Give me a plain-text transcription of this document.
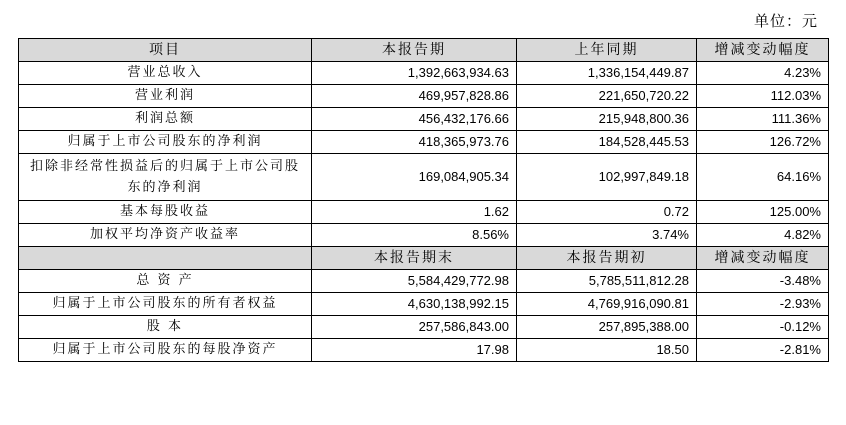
单位：元
项目	本报告期	上年同期	增减变动幅度
营业总收入	1,392,663,934.63	1,336,154,449.87	4.23%
营业利润	469,957,828.86	221,650,720.22	112.03%
利润总额	456,432,176.66	215,948,800.36	111.36%
归属于上市公司股东的净利润	418,365,973.76	184,528,445.53	126.72%
扣除非经常性损益后的归属于上市公司股东的净利润	169,084,905.34	102,997,849.18	64.16%
基本每股收益	1.62	0.72	125.00%
加权平均净资产收益率	8.56%	3.74%	4.82%
	本报告期末	本报告期初	增减变动幅度
总 资 产	5,584,429,772.98	5,785,511,812.28	-3.48%
归属于上市公司股东的所有者权益	4,630,138,992.15	4,769,916,090.81	-2.93%
股 本	257,586,843.00	257,895,388.00	-0.12%
归属于上市公司股东的每股净资产	17.98	18.50	-2.81%
